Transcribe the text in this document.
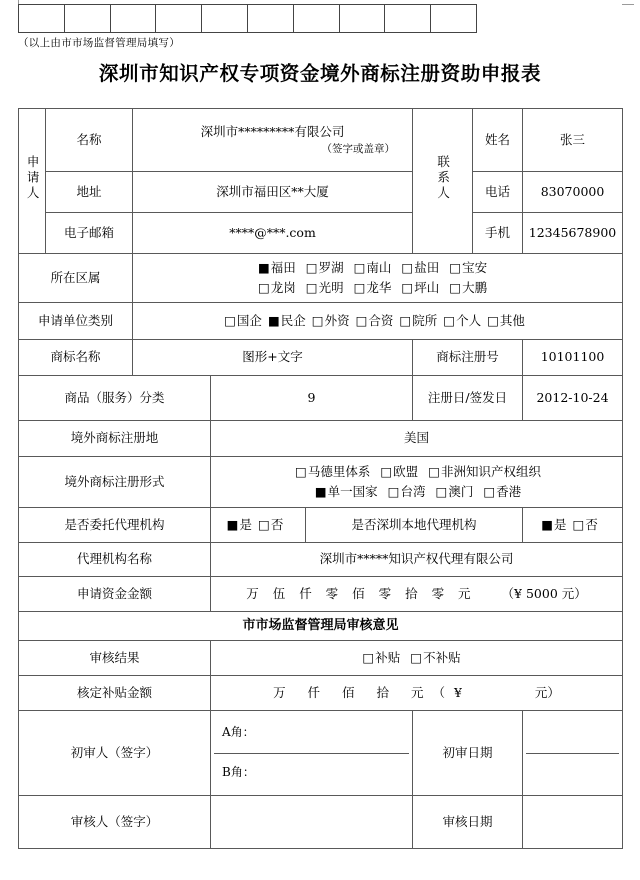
（以上由市市场监督管理局填写）
深圳市知识产权专项资金境外商标注册资助申报表
申请人	名称	深圳市*********有限公司
（签字或盖章）			联系人	姓名	张三
	地址	深圳市福田区**大厦				电话	83070000
	电子邮箱	****@***.com				手机	12345678900
所在区属		■福田 □罗湖 □南山 □盐田 □宝安
□龙岗 □光明 □龙华 □坪山 □大鹏					

申请单位类别		□国企 ■民企 □外资 □合资 □院所 □个人 □其他					
商标名称		图形+文字			商标注册号		10101100
商品（服务）分类			9		注册日/签发日		2012-10-24
境外商标注册地			美国				
境外商标注册形式			□马德里体系 □欧盟 □非洲知识产权组织
■单一国家 □台湾 □澳门 □香港				

是否委托代理机构			■是 □否	是否深圳本地代理机构			■是 □否
代理机构名称			深圳市*****知识产权代理有限公司				
申请资金金额			万 伍 仟 零 佰 零 拾 零 元 （¥ 5000 元）				
市市场监督管理局审核意见							
审核结果			□补贴 □不补贴				
核定补贴金额			万 仟 佰 拾 元（¥ 元）				
初审人（签字）			A角：
B角：		初审日期		

审核人（签字）					审核日期		
